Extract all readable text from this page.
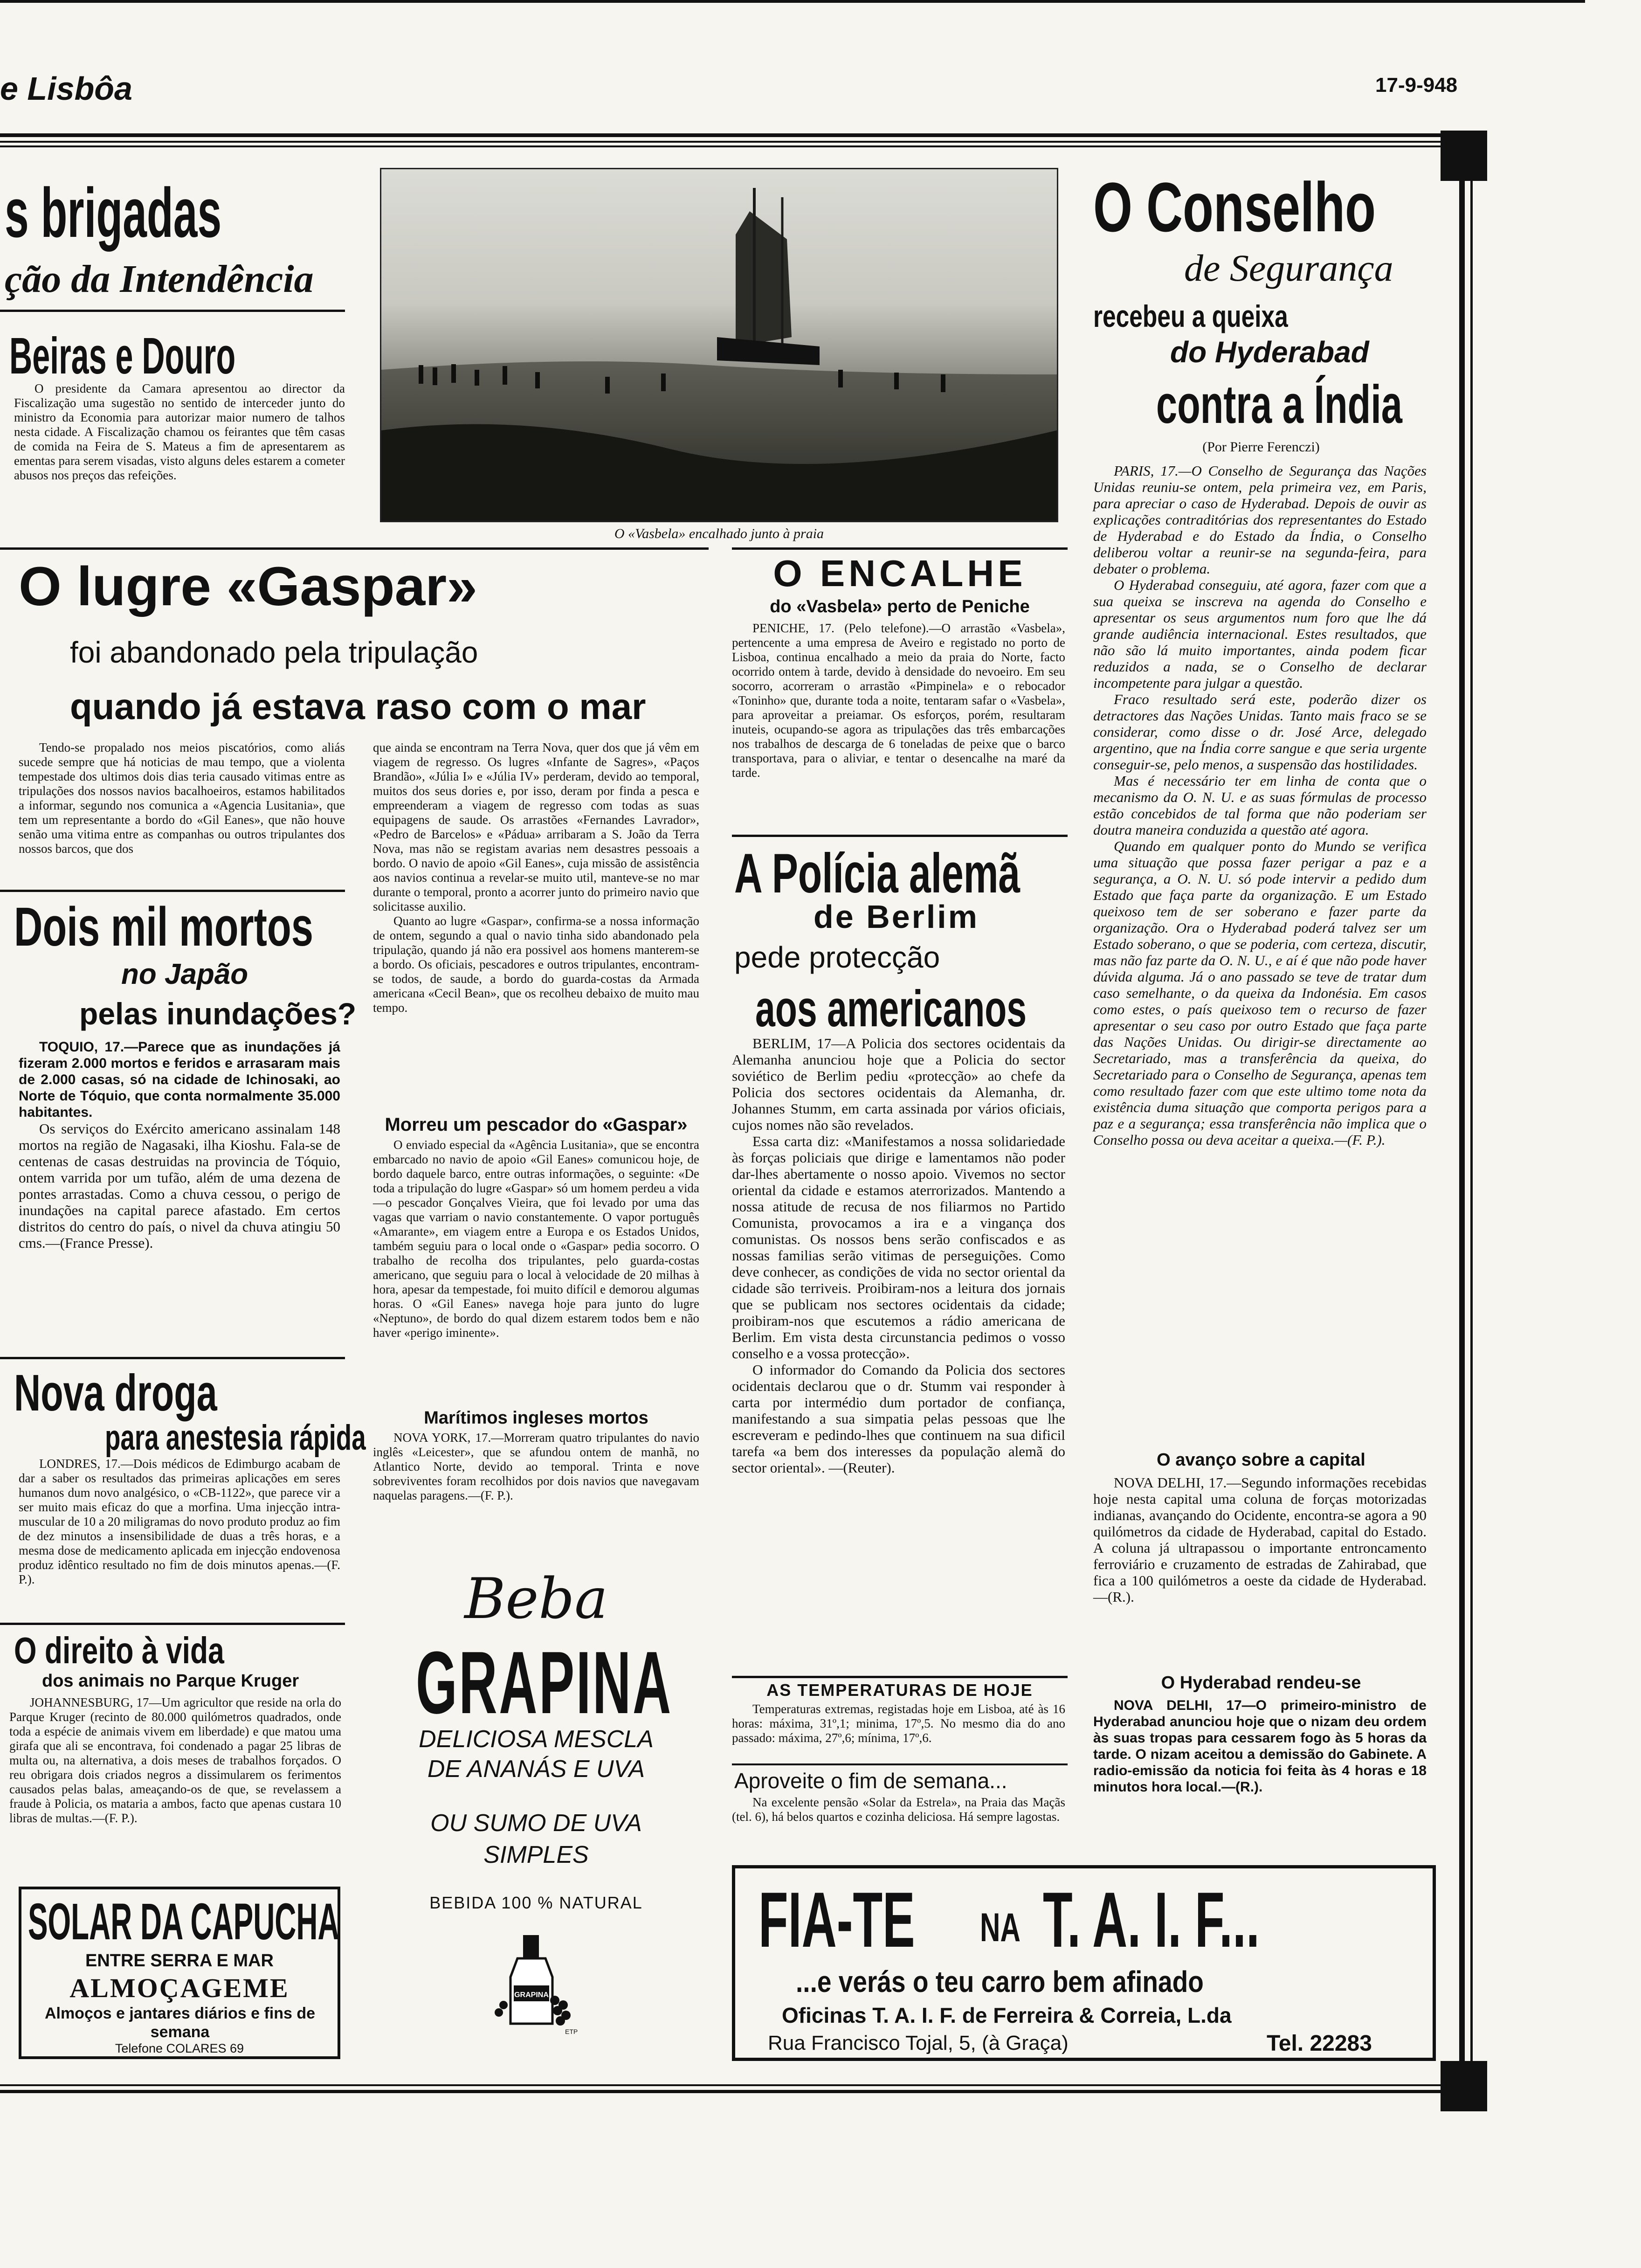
e Lisbôa	17-9-948
s brigadas
ção da Intendência
Beiras e Douro

O presidente da Camara apresentou ao director da Fiscalização uma sugestão no sentido de interceder junto do ministro da Economia para autorizar maior numero de talhos nesta cidade. A Fiscalização chamou os feirantes que têm casas de comida na Feira de S. Mateus a fim de apresentarem as ementas para serem visadas, visto alguns deles estarem a cometer abusos nos preços das refeições.

O lugre «Gaspar»
foi abandonado pela tripulação
quando já estava raso com o mar

Tendo-se propalado nos meios piscatórios, como aliás sucede sempre que há noticias de mau tempo, que a violenta tempestade dos ultimos dois dias teria causado vitimas entre as tripulações dos nossos navios bacalhoeiros, estamos habilitados a informar, segundo nos comunica a «Agencia Lusitania», que tem um representante a bordo do «Gil Eanes», que não houve senão uma vitima entre as companhas ou outros tripulantes dos nossos barcos, que dos

que ainda se encontram na Terra Nova, quer dos que já vêm em viagem de regresso. Os lugres «Infante de Sagres», «Paços Brandão», «Júlia I» e «Júlia IV» perderam, devido ao temporal, muitos dos seus dories e, por isso, deram por finda a pesca e empreenderam a viagem de regresso com todas as suas equipagens de saude. Os arrastões «Fernandes Lavrador», «Pedro de Barcelos» e «Pádua» arribaram a S. João da Terra Nova, mas não se registam avarias nem desastres pessoais a bordo. O navio de apoio «Gil Eanes», cuja missão de assistência aos navios continua a revelar-se muito util, manteve-se no mar durante o temporal, pronto a acorrer junto do primeiro navio que solicitasse auxilio.

Quanto ao lugre «Gaspar», confirma-se a nossa informação de ontem, segundo a qual o navio tinha sido abandonado pela tripulação, quando já não era possivel aos homens manterem-se a bordo. Os oficiais, pescadores e outros tripulantes, encontram-se todos, de saude, a bordo do guarda-costas da Armada americana «Cecil Bean», que os recolheu debaixo de muito mau tempo.

Dois mil mortos
no Japão
pelas inundações?

TOQUIO, 17.—Parece que as inundações já fizeram 2.000 mortos e feridos e arrasaram mais de 2.000 casas, só na cidade de Ichinosaki, ao Norte de Tóquio, que conta normalmente 35.000 habitantes.

Os serviços do Exército americano assinalam 148 mortos na região de Nagasaki, ilha Kioshu. Fala-se de centenas de casas destruidas na provincia de Tóquio, ontem varrida por um tufão, além de uma dezena de pontes arrastadas. Como a chuva cessou, o perigo de inundações na capital parece afastado. Em certos distritos do centro do país, o nivel da chuva atingiu 50 cms.—(France Presse).

Nova droga
para anestesia rápida

LONDRES, 17.—Dois médicos de Edimburgo acabam de dar a saber os resultados das primeiras aplicações em seres humanos dum novo analgésico, o «CB-1122», que parece vir a ser muito mais eficaz do que a morfina. Uma injecção intra-muscular de 10 a 20 miligramas do novo produto produz ao fim de dez minutos a insensibilidade de duas a três horas, e a mesma dose de medicamento aplicada em injecção endovenosa produz idêntico resultado no fim de dois minutos apenas.—(F. P.).

O direito à vida
dos animais no Parque Kruger

JOHANNESBURG, 17—Um agricultor que reside na orla do Parque Kruger (recinto de 80.000 quilómetros quadrados, onde toda a espécie de animais vivem em liberdade) e que matou uma girafa que ali se encontrava, foi condenado a pagar 25 libras de multa ou, na alternativa, a dois meses de trabalhos forçados. O reu obrigara dois criados negros a dissimularem os ferimentos causados pelas balas, ameaçando-os de que, se revelassem a fraude à Policia, os mataria a ambos, facto que apenas custara 10 libras de multas.—(F. P.).

SOLAR DA CAPUCHA
ENTRE SERRA E MAR
ALMOÇAGEME
Almoços e jantares diários e fins de semana
Telefone COLARES 69
O «Vasbela» encalhado junto à praia
Morreu um pescador do «Gaspar»

O enviado especial da «Agência Lusitania», que se encontra embarcado no navio de apoio «Gil Eanes» comunicou hoje, de bordo daquele barco, entre outras informações, o seguinte: «De toda a tripulação do lugre «Gaspar» só um homem perdeu a vida—o pescador Gonçalves Vieira, que foi levado por uma das vagas que varriam o navio constantemente. O vapor português «Amarante», em viagem entre a Europa e os Estados Unidos, também seguiu para o local onde o «Gaspar» pedia socorro. O trabalho de recolha dos tripulantes, pelo guarda-costas americano, que seguiu para o local à velocidade de 20 milhas à hora, apesar da tempestade, foi muito difícil e demorou algumas horas. O «Gil Eanes» navega hoje para junto do lugre «Neptuno», de bordo do qual dizem estarem todos bem e não haver «perigo iminente».

Marítimos ingleses mortos

NOVA YORK, 17.—Morreram quatro tripulantes do navio inglês «Leicester», que se afundou ontem de manhã, no Atlantico Norte, devido ao temporal. Trinta e nove sobreviventes foram recolhidos por dois navios que navegavam naquelas paragens.—(F. P.).

Beba
GRAPINA
DELICIOSA MESCLA
DE ANANÁS E UVA
OU SUMO DE UVA
SIMPLES
BEBIDA 100 % NATURAL
GRAPINA
ETP
O ENCALHE
do «Vasbela» perto de Peniche

PENICHE, 17. (Pelo telefone).—O arrastão «Vasbela», pertencente a uma empresa de Aveiro e registado no porto de Lisboa, continua encalhado a meio da praia do Norte, facto ocorrido ontem à tarde, devido à densidade do nevoeiro. Em seu socorro, acorreram o arrastão «Pimpinela» e o rebocador «Toninho» que, durante toda a noite, tentaram safar o «Vasbela», para aproveitar a preiamar. Os esforços, porém, resultaram inuteis, ocupando-se agora as tripulações das três embarcações nos trabalhos de descarga de 6 toneladas de peixe que o barco transportava, para o aliviar, e tentar o desencalhe na maré da tarde.

A Polícia alemã
de Berlim
pede protecção
aos americanos

BERLIM, 17—A Policia dos sectores ocidentais da Alemanha anunciou hoje que a Policia do sector soviético de Berlim pediu «protecção» ao chefe da Policia dos sectores ocidentais da Alemanha, dr. Johannes Stumm, em carta assinada por vários oficiais, cujos nomes não são revelados.

Essa carta diz: «Manifestamos a nossa solidariedade às forças policiais que dirige e lamentamos não poder dar-lhes abertamente o nosso apoio. Vivemos no sector oriental da cidade e estamos aterrorizados. Mantendo a nossa atitude de recusa de nos filiarmos no Partido Comunista, provocamos a ira e a vingança dos comunistas. Os nossos bens serão confiscados e as nossas familias serão vitimas de perseguições. Como deve conhecer, as condições de vida no sector oriental da cidade são terriveis. Proibiram-nos a leitura dos jornais que se publicam nos sectores ocidentais da cidade; proibiram-nos que escutemos a rádio americana de Berlim. Em vista desta circunstancia pedimos o vosso conselho e a vossa protecção».

O informador do Comando da Policia dos sectores ocidentais declarou que o dr. Stumm vai responder à carta por intermédio dum portador de confiança, manifestando a sua simpatia pelas pessoas que lhe escreveram e pedindo-lhes que continuem na sua dificil tarefa «a bem dos interesses da população alemã do sector oriental». —(Reuter).

AS TEMPERATURAS DE HOJE

Temperaturas extremas, registadas hoje em Lisboa, até às 16 horas: máxima, 31º,1; minima, 17º,5. No mesmo dia do ano passado: máxima, 27º,6; mínima, 17º,6.

Aproveite o fim de semana...

Na excelente pensão «Solar da Estrela», na Praia das Maçãs (tel. 6), há belos quartos e cozinha deliciosa. Há sempre lagostas.

O Conselho
de Segurança
recebeu a queixa
do Hyderabad
contra a Índia
(Por Pierre Ferenczi)

PARIS, 17.—O Conselho de Segurança das Nações Unidas reuniu-se ontem, pela primeira vez, em Paris, para apreciar o caso de Hyderabad. Depois de ouvir as explicações contraditórias dos representantes do Estado de Hyderabad e do Estado da Índia, o Conselho deliberou voltar a reunir-se na segunda-feira, para debater o problema.

O Hyderabad conseguiu, até agora, fazer com que a sua queixa se inscreva na agenda do Conselho e apresentar os seus argumentos num foro que lhe dá grande audiência internacional. Estes resultados, que não são lá muito importantes, ainda podem ficar reduzidos a nada, se o Conselho de declarar incompetente para julgar a questão.

Fraco resultado será este, poderão dizer os detractores das Nações Unidas. Tanto mais fraco se se considerar, como disse o dr. José Arce, delegado argentino, que na Índia corre sangue e que seria urgente conseguir-se, pelo menos, a suspensão das hostilidades.

Mas é necessário ter em linha de conta que o mecanismo da O. N. U. e as suas fórmulas de processo estão concebidos de tal forma que não poderiam ser doutra maneira conduzida a questão até agora.

Quando em qualquer ponto do Mundo se verifica uma situação que possa fazer perigar a paz e a segurança, a O. N. U. só pode intervir a pedido dum Estado que faça parte da organização. E um Estado queixoso tem de ser soberano e fazer parte da organização. Ora o Hyderabad poderá talvez ser um Estado soberano, o que se poderia, com certeza, discutir, mas não faz parte da O. N. U., e aí é que não pode haver dúvida alguma. Já o ano passado se teve de tratar dum caso semelhante, o da queixa da Indonésia. Em casos como estes, o país queixoso tem o recurso de fazer apresentar o seu caso por outro Estado que faça parte das Nações Unidas. Ou dirigir-se directamente ao Secretariado, mas a transferência da queixa, do Secretariado para o Conselho de Segurança, apenas tem como resultado fazer com que este ultimo tome nota da existência duma situação que comporta perigos para a paz e a segurança; essa transferência não implica que o Conselho possa ou deva aceitar a queixa.—(F. P.).

O avanço sobre a capital

NOVA DELHI, 17.—Segundo informações recebidas hoje nesta capital uma coluna de forças motorizadas indianas, avançando do Ocidente, encontra-se agora a 90 quilómetros da cidade de Hyderabad, capital do Estado. A coluna já ultrapassou o importante entroncamento ferroviário e cruzamento de estradas de Zahirabad, que fica a 100 quilómetros a oeste da cidade de Hyderabad.—(R.).

O Hyderabad rendeu-se

NOVA DELHI, 17—O primeiro-ministro de Hyderabad anunciou hoje que o nizam deu ordem às suas tropas para cessarem fogo às 5 horas da tarde. O nizam aceitou a demissão do Gabinete. A radio-emissão da noticia foi feita às 4 horas e 18 minutos hora local.—(R.).

FIA-TE NA T. A. I. F...
...e verás o teu carro bem afinado
Oficinas T. A. I. F. de Ferreira & Correia, L.da
Rua Francisco Tojal, 5, (à Graça)	Tel. 22283
